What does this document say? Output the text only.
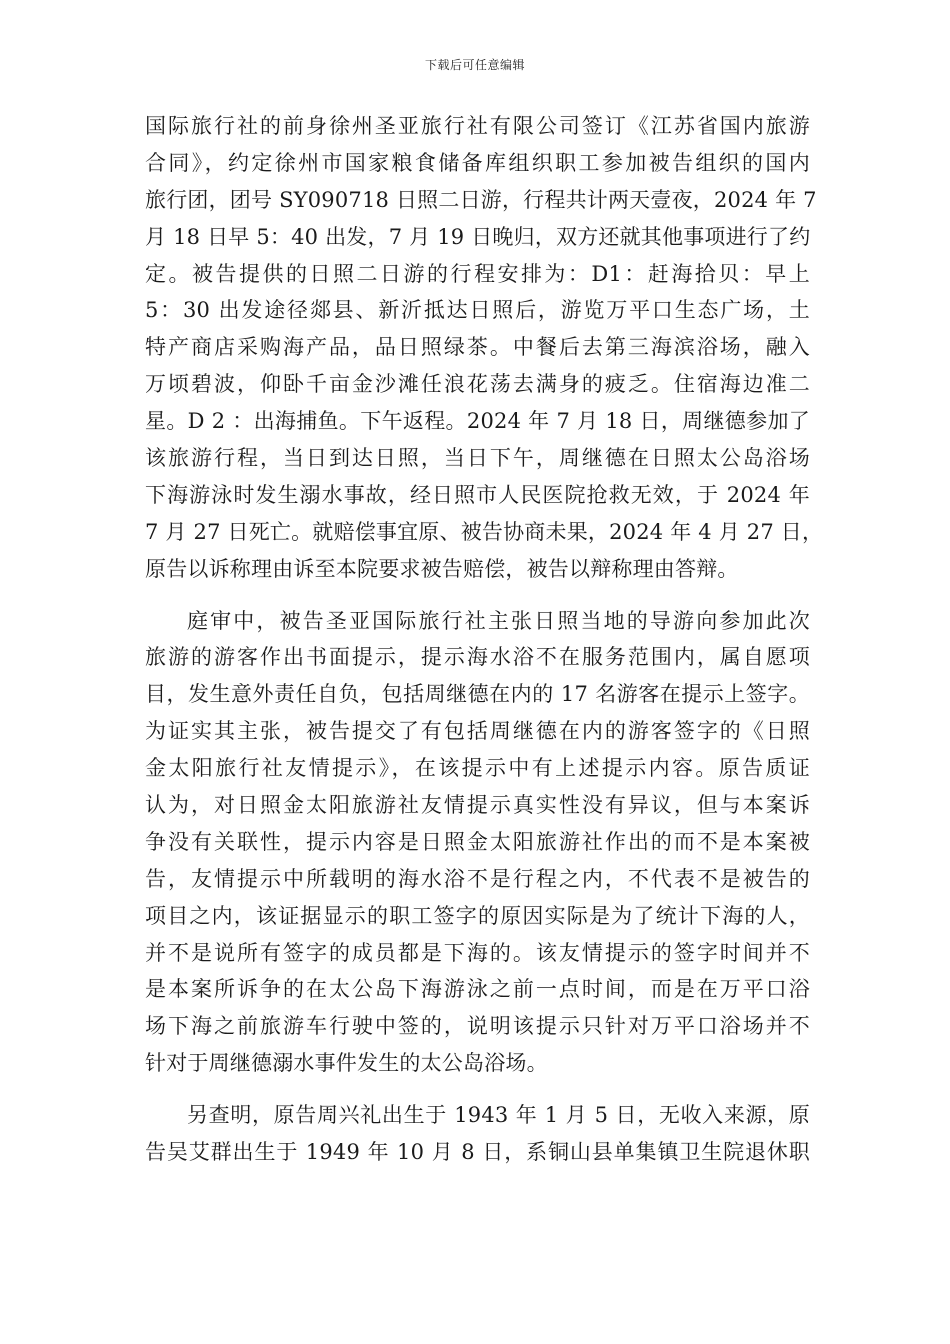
下载后可任意编辑
国际旅行社的前身徐州圣亚旅行社有限公司签订《江苏省国内旅游
合同》，约定徐州市国家粮食储备库组织职工参加被告组织的国内
旅行团，团号 SY090718 日照二日游，行程共计两天壹夜，2024 年 7
月 18 日早 5：40 出发，7 月 19 日晚归，双方还就其他事项进行了约
定。被告提供的日照二日游的行程安排为：D1：赶海拾贝：早上
5：30 出发途径郯县、新沂抵达日照后，游览万平口生态广场，土
特产商店采购海产品，品日照绿茶。中餐后去第三海滨浴场，融入
万顷碧波，仰卧千亩金沙滩任浪花荡去满身的疲乏。住宿海边准二
星。D 2 ：出海捕鱼。下午返程。2024 年 7 月 18 日，周继德参加了
该旅游行程，当日到达日照，当日下午，周继德在日照太公岛浴场
下海游泳时发生溺水事故，经日照市人民医院抢救无效，于 2024 年
7 月 27 日死亡。就赔偿事宜原、被告协商未果，2024 年 4 月 27 日，
原告以诉称理由诉至本院要求被告赔偿，被告以辩称理由答辩。
庭审中，被告圣亚国际旅行社主张日照当地的导游向参加此次
旅游的游客作出书面提示，提示海水浴不在服务范围内，属自愿项
目，发生意外责任自负，包括周继德在内的 17 名游客在提示上签字。
为证实其主张，被告提交了有包括周继德在内的游客签字的《日照
金太阳旅行社友情提示》，在该提示中有上述提示内容。原告质证
认为，对日照金太阳旅游社友情提示真实性没有异议，但与本案诉
争没有关联性，提示内容是日照金太阳旅游社作出的而不是本案被
告，友情提示中所载明的海水浴不是行程之内，不代表不是被告的
项目之内，该证据显示的职工签字的原因实际是为了统计下海的人，
并不是说所有签字的成员都是下海的。该友情提示的签字时间并不
是本案所诉争的在太公岛下海游泳之前一点时间，而是在万平口浴
场下海之前旅游车行驶中签的，说明该提示只针对万平口浴场并不
针对于周继德溺水事件发生的太公岛浴场。
另查明，原告周兴礼出生于 1943 年 1 月 5 日，无收入来源，原
告吴艾群出生于 1949 年 10 月 8 日，系铜山县单集镇卫生院退休职
